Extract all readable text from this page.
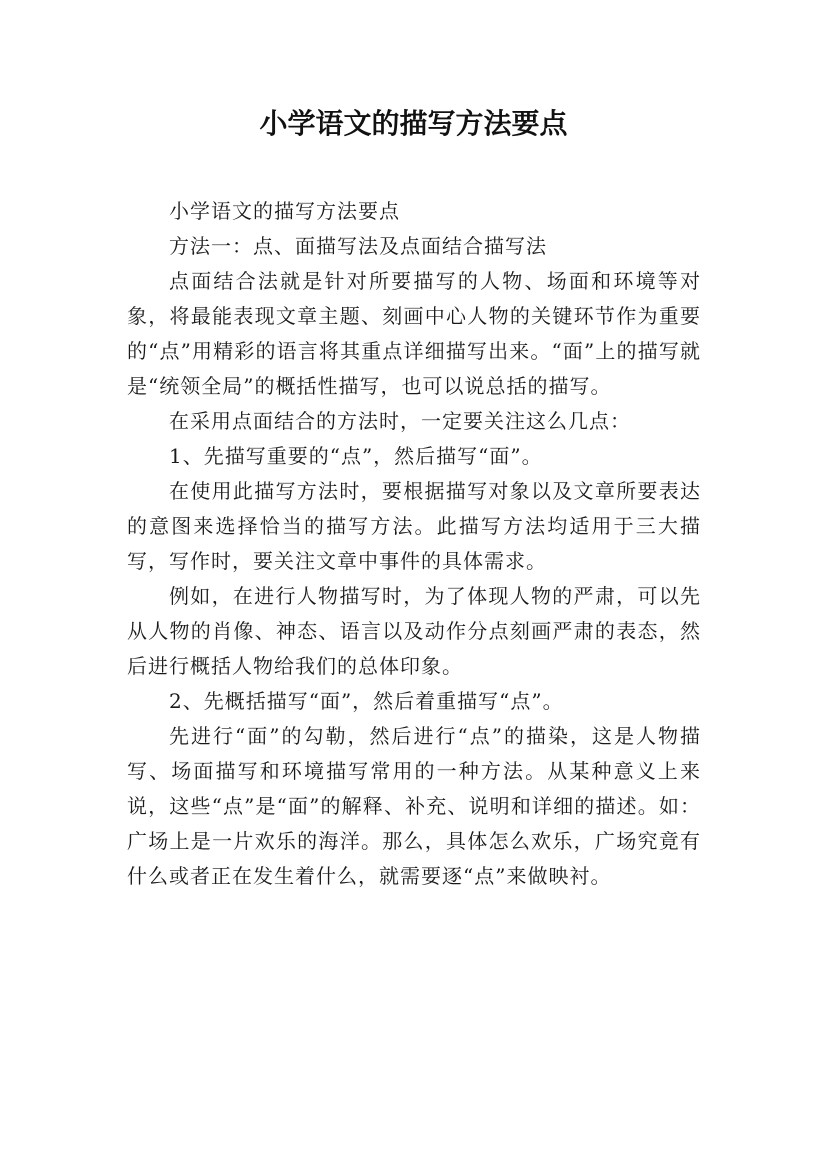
小学语文的描写方法要点

小学语文的描写方法要点

方法一：点、面描写法及点面结合描写法

点面结合法就是针对所要描写的人物、场面和环境等对象，将最能表现文章主题、刻画中心人物的关键环节作为重要的“点”用精彩的语言将其重点详细描写出来。“面”上的描写就是“统领全局”的概括性描写，也可以说总括的描写。

在采用点面结合的方法时，一定要关注这么几点：

1、先描写重要的“点”，然后描写“面”。

在使用此描写方法时，要根据描写对象以及文章所要表达的意图来选择恰当的描写方法。此描写方法均适用于三大描写，写作时，要关注文章中事件的具体需求。

例如，在进行人物描写时，为了体现人物的严肃，可以先从人物的肖像、神态、语言以及动作分点刻画严肃的表态，然后进行概括人物给我们的总体印象。

2、先概括描写“面”，然后着重描写“点”。

先进行“面”的勾勒，然后进行“点”的描染，这是人物描写、场面描写和环境描写常用的一种方法。从某种意义上来说，这些“点”是“面”的解释、补充、说明和详细的描述。如：广场上是一片欢乐的海洋。那么，具体怎么欢乐，广场究竟有什么或者正在发生着什么，就需要逐“点”来做映衬。
